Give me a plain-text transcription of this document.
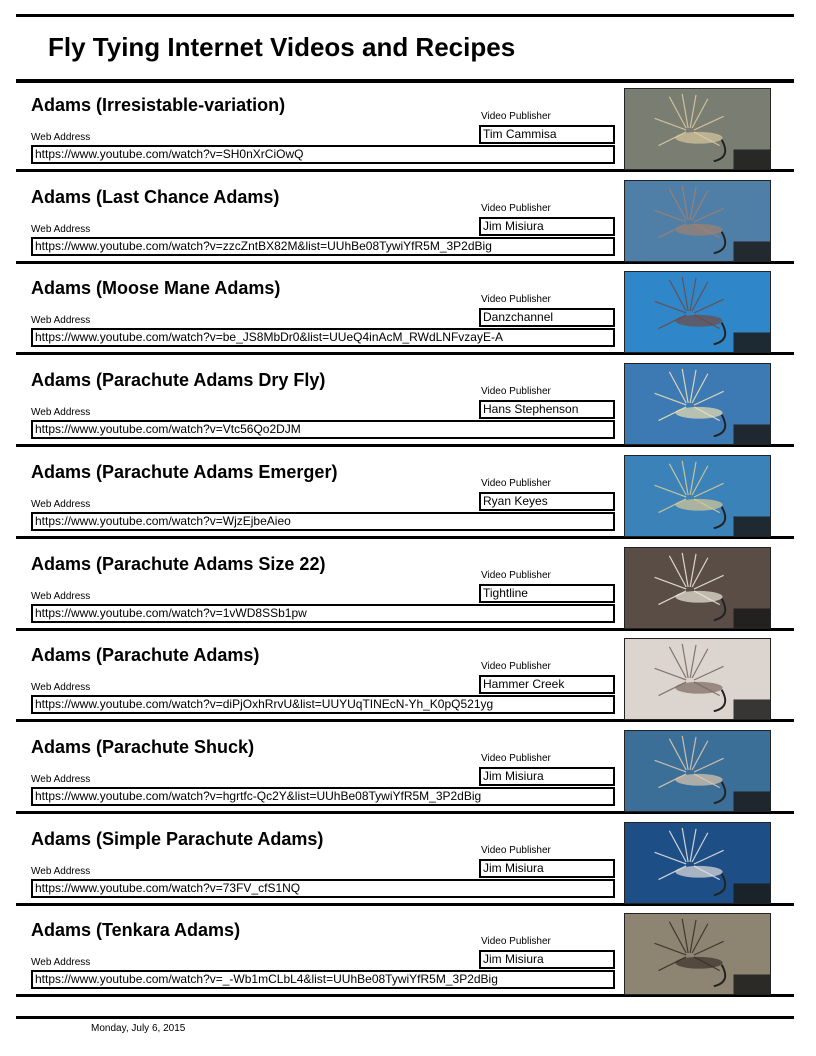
Fly Tying Internet Videos and Recipes
Adams (Irresistable-variation)
Video Publisher
Tim Cammisa
Web Address
https://www.youtube.com/watch?v=SH0nXrCiOwQ
Adams (Last Chance Adams)
Video Publisher
Jim Misiura
Web Address
https://www.youtube.com/watch?v=zzcZntBX82M&list=UUhBe08TywiYfR5M_3P2dBig
Adams (Moose Mane Adams)
Video Publisher
Danzchannel
Web Address
https://www.youtube.com/watch?v=be_JS8MbDr0&list=UUeQ4inAcM_RWdLNFvzayE-A
Adams (Parachute Adams Dry Fly)
Video Publisher
Hans Stephenson
Web Address
https://www.youtube.com/watch?v=Vtc56Qo2DJM
Adams (Parachute Adams Emerger)
Video Publisher
Ryan Keyes
Web Address
https://www.youtube.com/watch?v=WjzEjbeAieo
Adams (Parachute Adams Size 22)
Video Publisher
Tightline
Web Address
https://www.youtube.com/watch?v=1vWD8SSb1pw
Adams (Parachute Adams)
Video Publisher
Hammer Creek
Web Address
https://www.youtube.com/watch?v=diPjOxhRrvU&list=UUYUqTINEcN-Yh_K0pQ521yg
Adams (Parachute Shuck)
Video Publisher
Jim Misiura
Web Address
https://www.youtube.com/watch?v=hgrtfc-Qc2Y&list=UUhBe08TywiYfR5M_3P2dBig
Adams (Simple Parachute Adams)
Video Publisher
Jim Misiura
Web Address
https://www.youtube.com/watch?v=73FV_cfS1NQ
Adams (Tenkara Adams)
Video Publisher
Jim Misiura
Web Address
https://www.youtube.com/watch?v=_-Wb1mCLbL4&list=UUhBe08TywiYfR5M_3P2dBig
Monday, July 6, 2015
